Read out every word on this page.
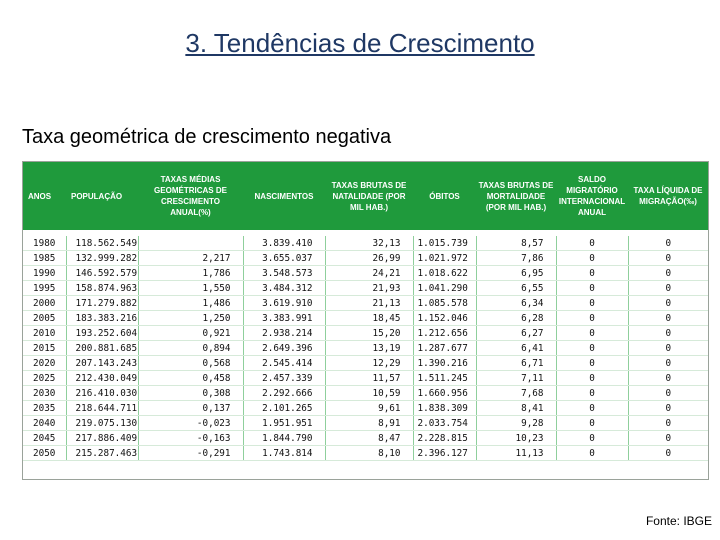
3. Tendências de Crescimento
Taxa geométrica de crescimento negativa
ANOS	POPULAÇÃO	TAXAS MÉDIAS GEOMÉTRICAS DE CRESCIMENTO ANUAL(%)	NASCIMENTOS	TAXAS BRUTAS DE NATALIDADE (POR MIL HAB.)	ÓBITOS	TAXAS BRUTAS DE MORTALIDADE (POR MIL HAB.)	SALDO MIGRATÓRIO INTERNACIONAL ANUAL	TAXA LÍQUIDA DE MIGRAÇÃO(‰)

1980	118.562.549		3.839.410	32,13	1.015.739	8,57	0	0
1985	132.999.282	2,217	3.655.037	26,99	1.021.972	7,86	0	0
1990	146.592.579	1,786	3.548.573	24,21	1.018.622	6,95	0	0
1995	158.874.963	1,550	3.484.312	21,93	1.041.290	6,55	0	0
2000	171.279.882	1,486	3.619.910	21,13	1.085.578	6,34	0	0
2005	183.383.216	1,250	3.383.991	18,45	1.152.046	6,28	0	0
2010	193.252.604	0,921	2.938.214	15,20	1.212.656	6,27	0	0
2015	200.881.685	0,894	2.649.396	13,19	1.287.677	6,41	0	0
2020	207.143.243	0,568	2.545.414	12,29	1.390.216	6,71	0	0
2025	212.430.049	0,458	2.457.339	11,57	1.511.245	7,11	0	0
2030	216.410.030	0,308	2.292.666	10,59	1.660.956	7,68	0	0
2035	218.644.711	0,137	2.101.265	9,61	1.838.309	8,41	0	0
2040	219.075.130	-0,023	1.951.951	8,91	2.033.754	9,28	0	0
2045	217.886.409	-0,163	1.844.790	8,47	2.228.815	10,23	0	0
2050	215.287.463	-0,291	1.743.814	8,10	2.396.127	11,13	0	0
Fonte: IBGE
